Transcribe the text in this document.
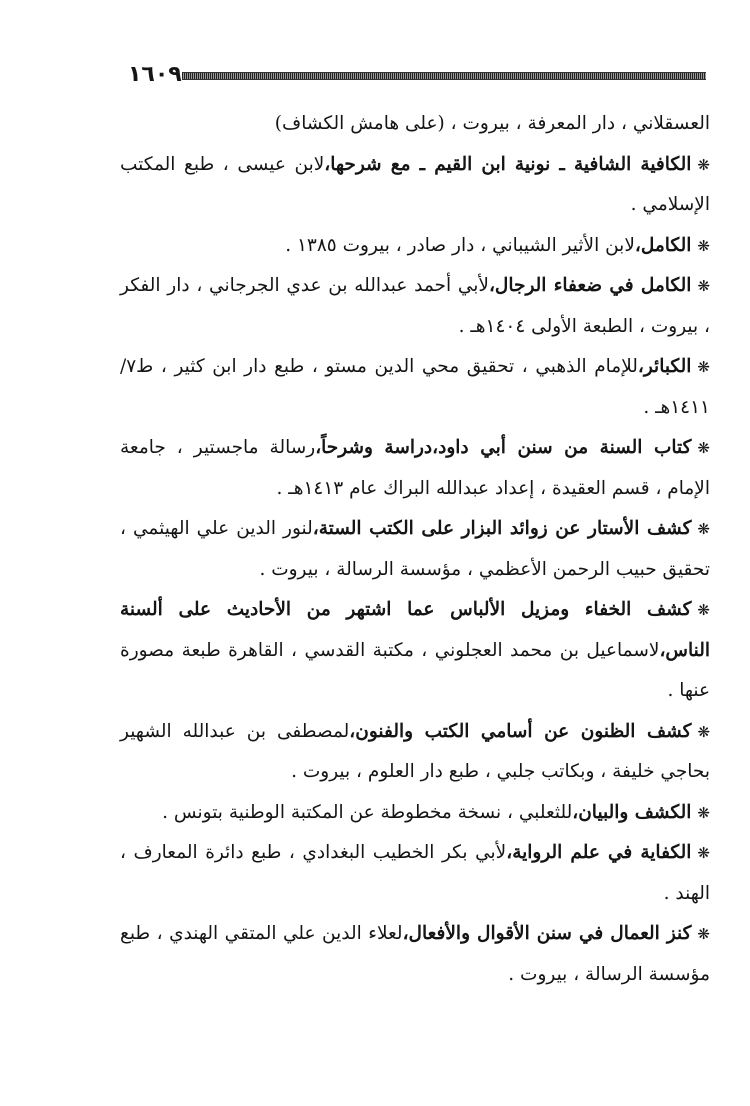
١٦٠٩

العسقلاني ، دار المعرفة ، بيروت ، (على هامش الكشاف)

❋الكافية الشافية ـ نونية ابن القيم ـ مع شرحها،لابن عيسى ، طبع المكتب الإسلامي .

❋الكامل،لابن الأثير الشيباني ، دار صادر ، بيروت ١٣٨٥ .

❋الكامل في ضعفاء الرجال،لأبي أحمد عبدالله بن عدي الجرجاني ، دار الفكر ، بيروت ، الطبعة الأولى ١٤٠٤هـ .

❋الكبائر،للإمام الذهبي ، تحقيق محي الدين مستو ، طبع دار ابن كثير ، ط٧/ ١٤١١هـ .

❋كتاب السنة من سنن أبي داود،دراسة وشرحاً،رسالة ماجستير ، جامعة الإمام ، قسم العقيدة ، إعداد عبدالله البراك عام ١٤١٣هـ .

❋كشف الأستار عن زوائد البزار على الكتب الستة،لنور الدين علي الهيثمي ، تحقيق حبيب الرحمن الأعظمي ، مؤسسة الرسالة ، بيروت .

❋كشف الخفاء ومزيل الألباس عما اشتهر من الأحاديث على ألسنة الناس،لاسماعيل بن محمد العجلوني ، مكتبة القدسي ، القاهرة طبعة مصورة عنها .

❋كشف الظنون عن أسامي الكتب والفنون،لمصطفى بن عبدالله الشهير بحاجي خليفة ، وبكاتب جلبي ، طبع دار العلوم ، بيروت .

❋الكشف والبيان،للثعلبي ، نسخة مخطوطة عن المكتبة الوطنية بتونس .

❋الكفاية في علم الرواية،لأبي بكر الخطيب البغدادي ، طبع دائرة المعارف ، الهند .

❋كنز العمال في سنن الأقوال والأفعال،لعلاء الدين علي المتقي الهندي ، طبع مؤسسة الرسالة ، بيروت .
